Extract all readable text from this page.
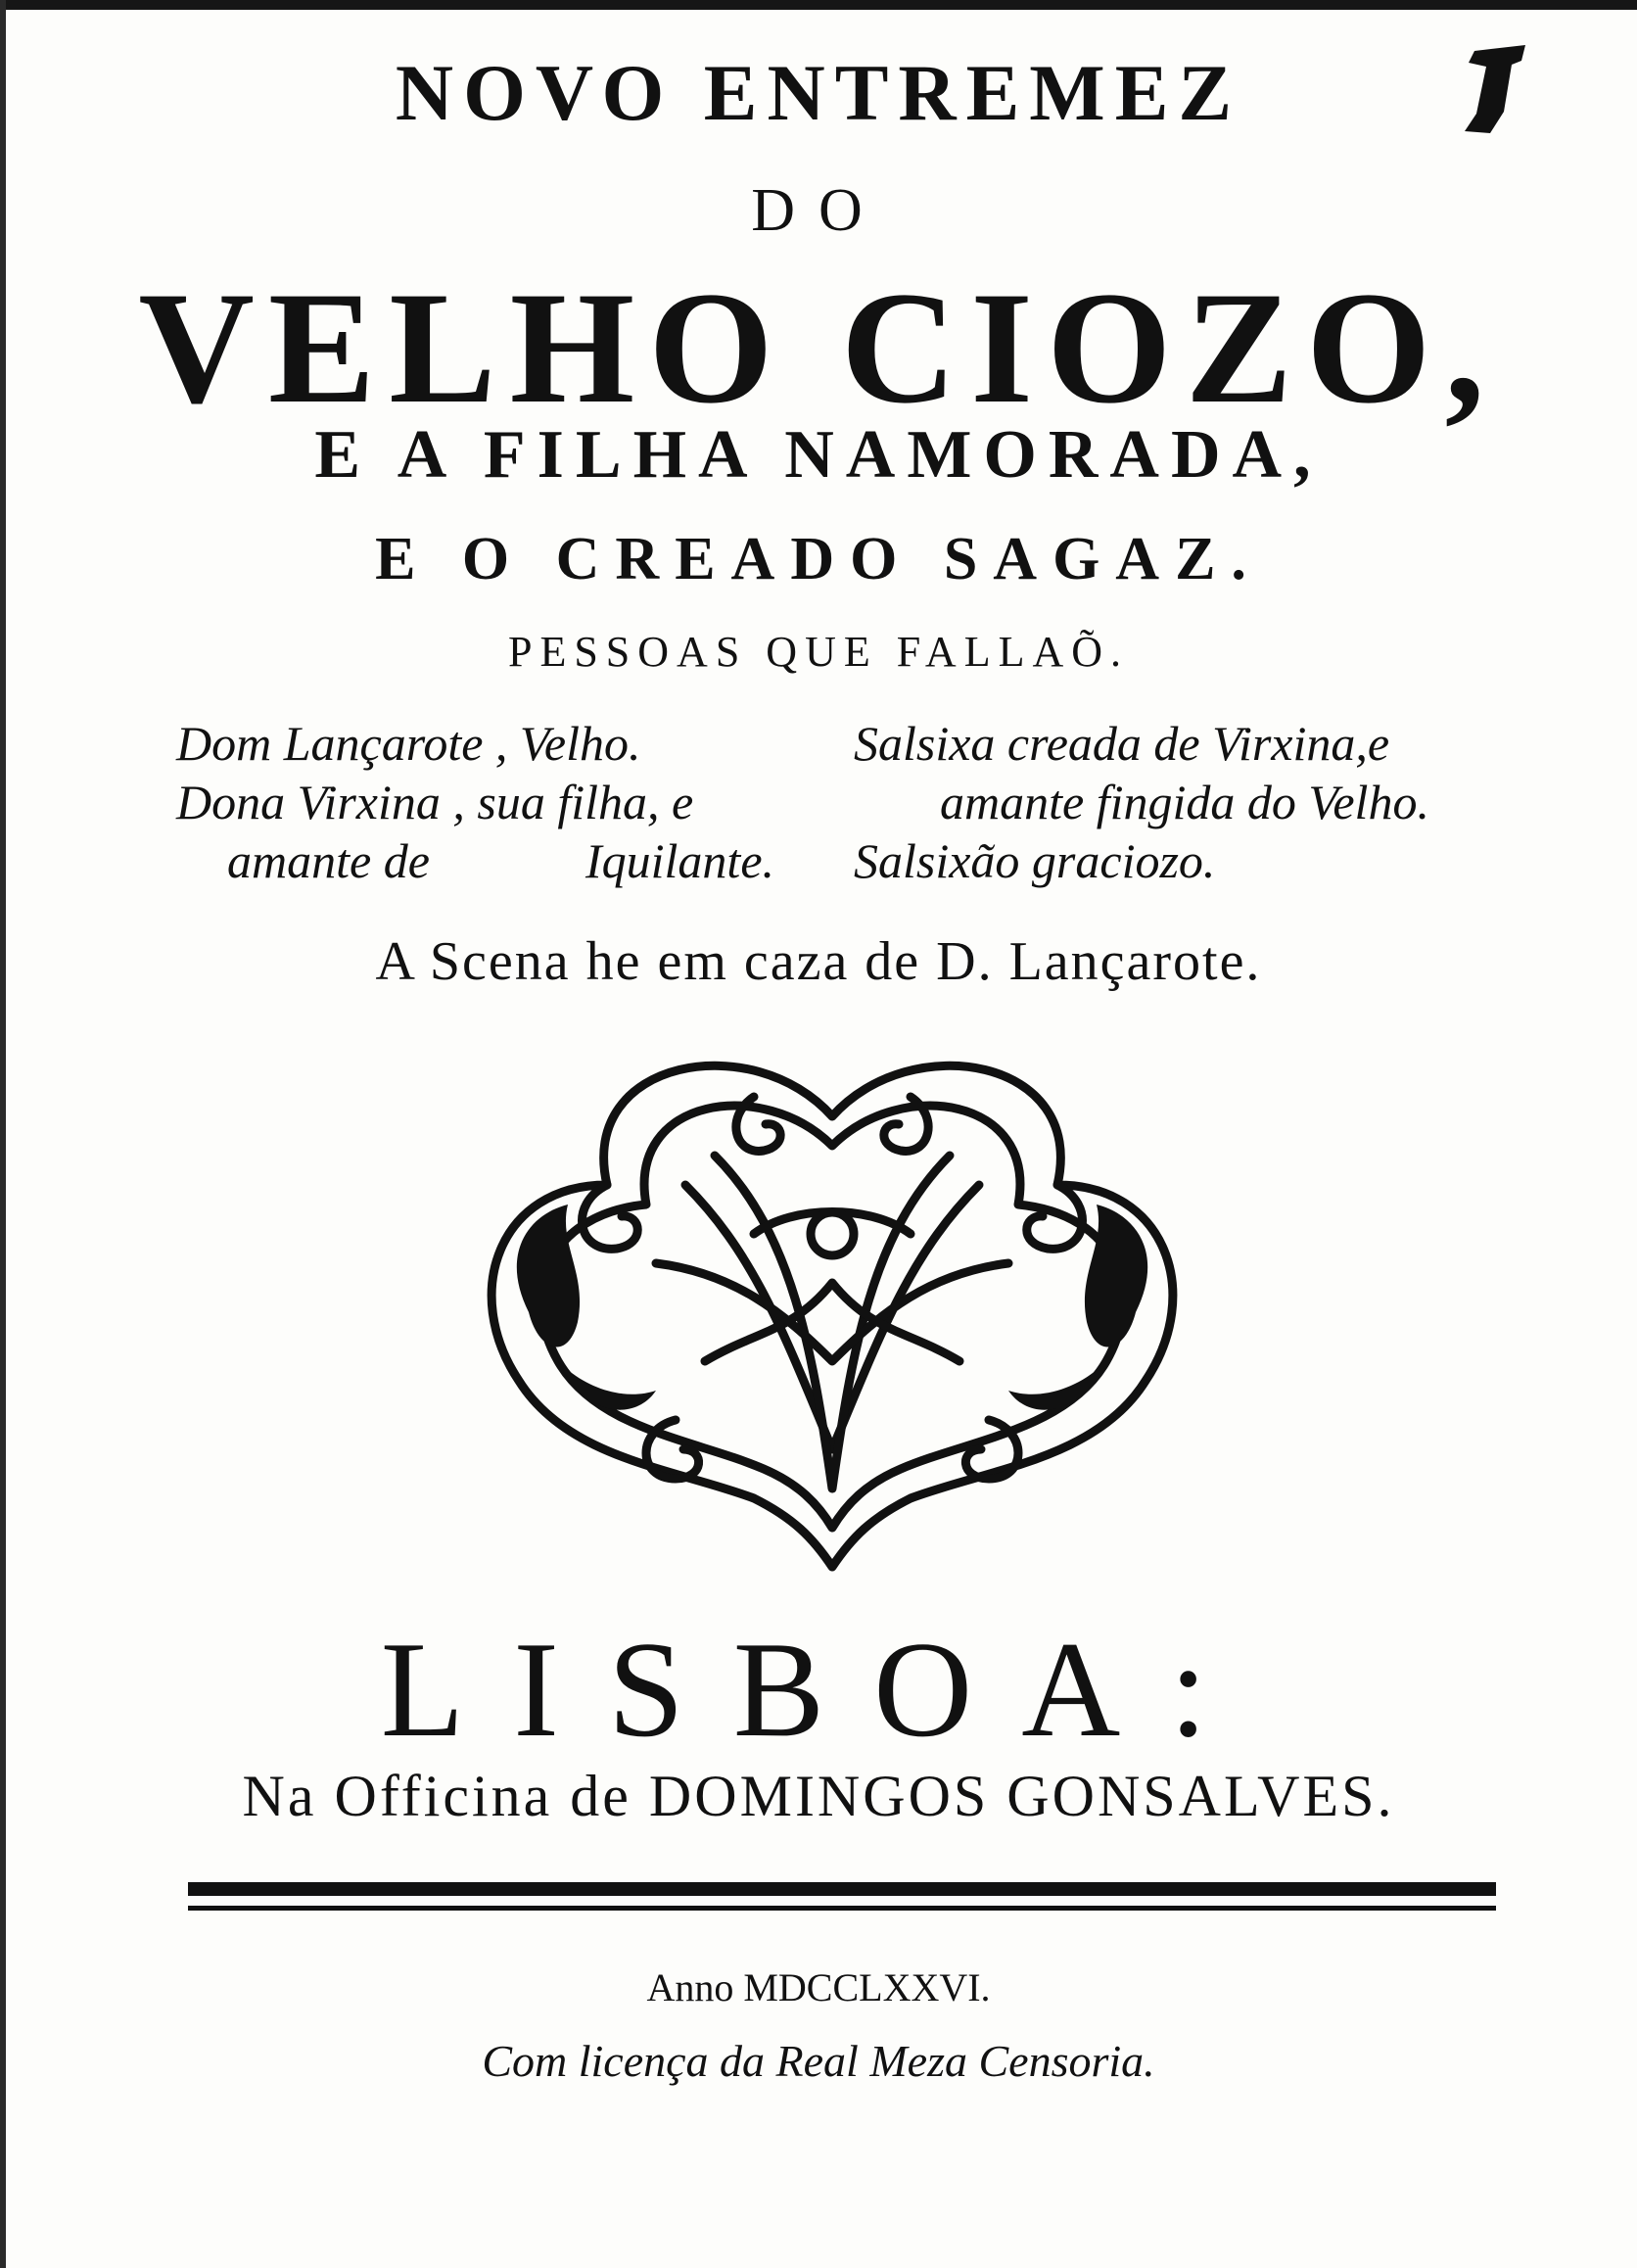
NOVO ENTREMEZ
DO
VELHO CIOZO,
E A FILHA NAMORADA,
E O CREADO SAGAZ.
PESSOAS QUE FALLAÕ.
Dom Lançarote , Velho.
Dona Virxina , sua filha, e
amante de	Iquilante.
Salsixa creada de Virxina,e
amante fingida do Velho.
Salsixão graciozo.
A Scena he em caza de D. Lançarote.
LISBOA:
Na Officina de DOMINGOS GONSALVES.
Anno MDCCLXXVI.
Com licença da Real Meza Censoria.
